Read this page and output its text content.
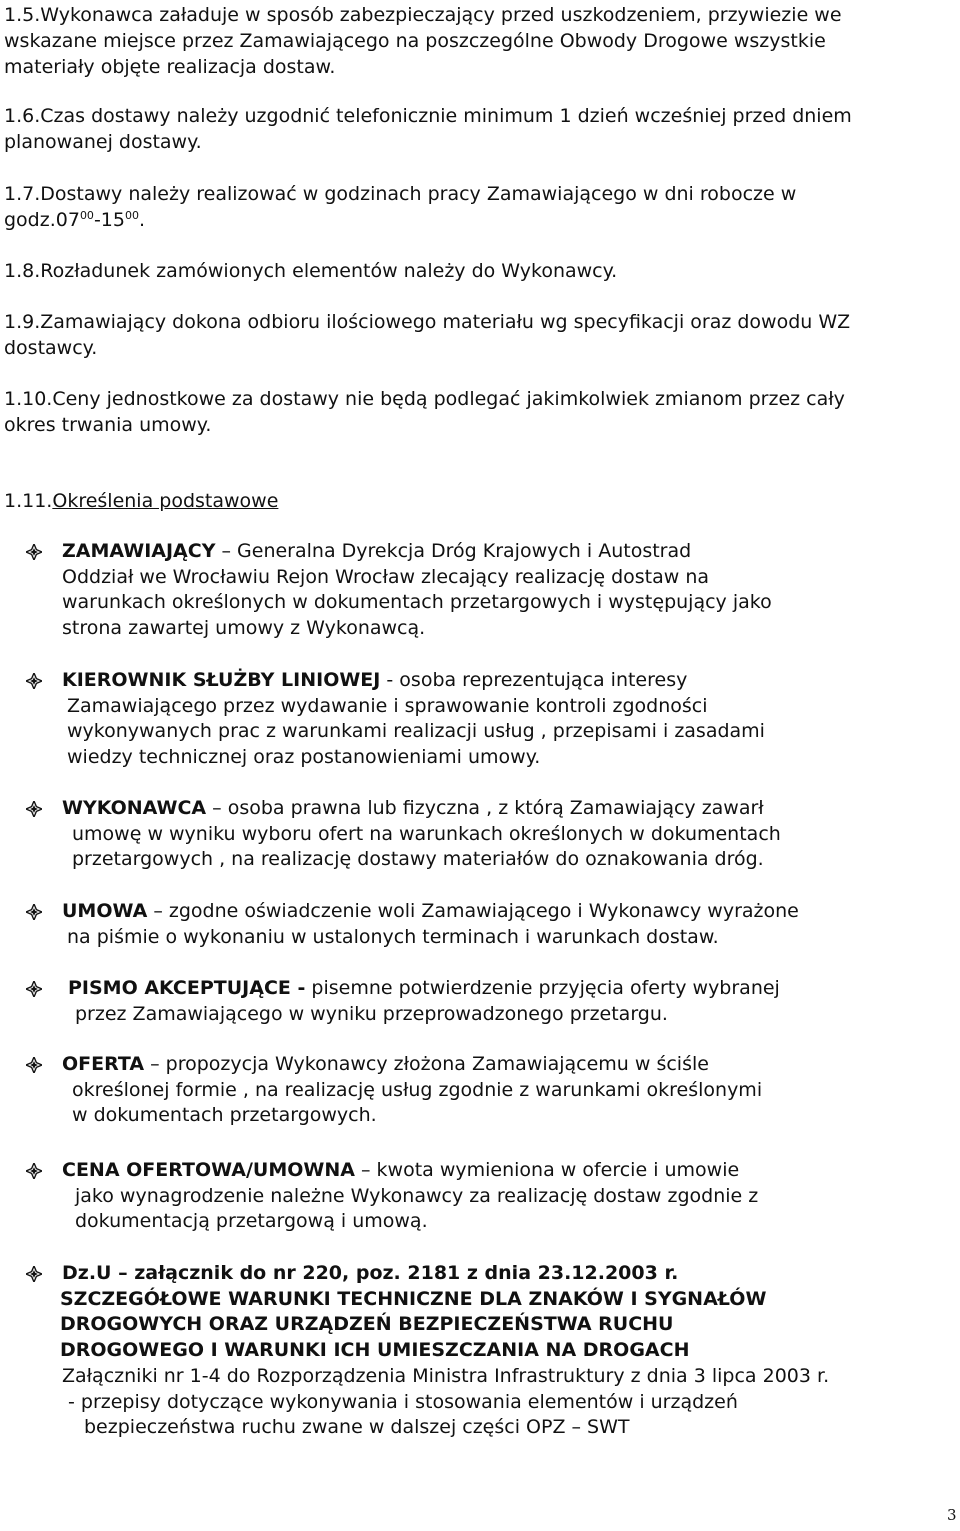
1.5.Wykonawca załaduje w sposób zabezpieczający przed uszkodzeniem, przywiezie we
wskazane miejsce przez Zamawiającego na poszczególne Obwody Drogowe wszystkie
materiały objęte realizacja dostaw.
1.6.Czas dostawy należy uzgodnić telefonicznie minimum 1 dzień wcześniej przed dniem
planowanej dostawy.
1.7.Dostawy należy realizować w godzinach pracy Zamawiającego w dni robocze w
$godz.07^{00}-15^{00}$.
1.8.Rozładunek zamówionych elementów należy do Wykonawcy.
1.9.Zamawiający dokona odbioru ilościowego materiału wg specyfikacji oraz dowodu WZ
dostawcy.
1.10.Ceny jednostkowe za dostawy nie będą podlegać jakimkolwiek zmianom przez cały
okres trwania umowy.
1.11.Określenia podstawowe
ZAMAWIAJĄCY – Generalna Dyrekcja Dróg Krajowych i Autostrad
Oddział we Wrocławiu Rejon Wrocław zlecający realizację dostaw na
warunkach określonych w dokumentach przetargowych i występujący jako
strona zawartej umowy z Wykonawcą.
KIEROWNIK SŁUŻBY LINIOWEJ - osoba reprezentująca interesy
Zamawiającego przez wydawanie i sprawowanie kontroli zgodności
wykonywanych prac z warunkami realizacji usług , przepisami i zasadami
wiedzy technicznej oraz postanowieniami umowy.
WYKONAWCA – osoba prawna lub fizyczna , z którą Zamawiający zawarł
umowę w wyniku wyboru ofert na warunkach określonych w dokumentach
przetargowych , na realizację dostawy materiałów do oznakowania dróg.
UMOWA – zgodne oświadczenie woli Zamawiającego i Wykonawcy wyrażone
na piśmie o wykonaniu w ustalonych terminach i warunkach dostaw.
PISMO AKCEPTUJĄCE - pisemne potwierdzenie przyjęcia oferty wybranej
przez Zamawiającego w wyniku przeprowadzonego przetargu.
OFERTA – propozycja Wykonawcy złożona Zamawiającemu w ściśle
określonej formie , na realizację usług zgodnie z warunkami określonymi
w dokumentach przetargowych.
CENA OFERTOWA/UMOWNA – kwota wymieniona w ofercie i umowie
jako wynagrodzenie należne Wykonawcy za realizację dostaw zgodnie z
dokumentacją przetargową i umową.
Dz.U – załącznik do nr 220, poz. 2181 z dnia 23.12.2003 r.
SZCZEGÓŁOWE WARUNKI TECHNICZNE DLA ZNAKÓW I SYGNAŁÓW
DROGOWYCH ORAZ URZĄDZEŃ BEZPIECZEŃSTWA RUCHU
DROGOWEGO I WARUNKI ICH UMIESZCZANIA NA DROGACH
Załączniki nr 1-4 do Rozporządzenia Ministra Infrastruktury z dnia 3 lipca 2003 r.
- przepisy dotyczące wykonywania i stosowania elementów i urządzeń
bezpieczeństwa ruchu zwane w dalszej części OPZ – SWT
3
